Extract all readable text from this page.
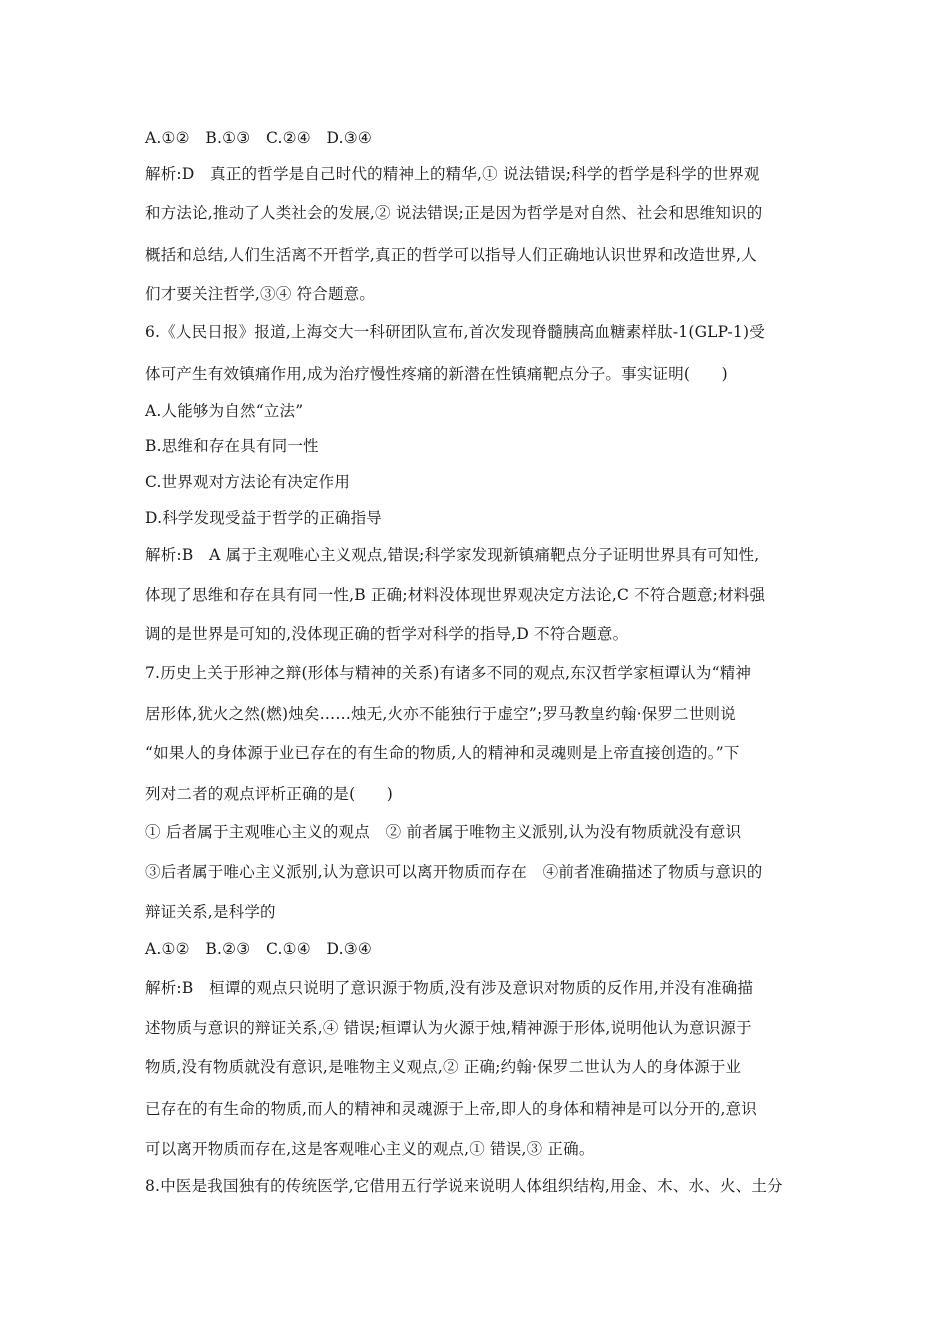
A.①②　B.①③　C.②④　D.③④
解析:D　真正的哲学是自己时代的精神上的精华,① 说法错误;科学的哲学是科学的世界观
和方法论,推动了人类社会的发展,② 说法错误;正是因为哲学是对自然、社会和思维知识的
概括和总结,人们生活离不开哲学,真正的哲学可以指导人们正确地认识世界和改造世界,人
们才要关注哲学,③④ 符合题意。
6.《人民日报》报道,上海交大一科研团队宣布,首次发现脊髓胰高血糖素样肽-1(GLP-1)受
体可产生有效镇痛作用,成为治疗慢性疼痛的新潜在性镇痛靶点分子。事实证明(　　)
A.人能够为自然“立法”
B.思维和存在具有同一性
C.世界观对方法论有决定作用
D.科学发现受益于哲学的正确指导
解析:B　A 属于主观唯心主义观点,错误;科学家发现新镇痛靶点分子证明世界具有可知性,
体现了思维和存在具有同一性,B 正确;材料没体现世界观决定方法论,C 不符合题意;材料强
调的是世界是可知的,没体现正确的哲学对科学的指导,D 不符合题意。
7.历史上关于形神之辩(形体与精神的关系)有诸多不同的观点,东汉哲学家桓谭认为“精神
居形体,犹火之然(燃)烛矣……烛无,火亦不能独行于虚空”;罗马教皇约翰·保罗二世则说
“如果人的身体源于业已存在的有生命的物质,人的精神和灵魂则是上帝直接创造的。”下
列对二者的观点评析正确的是(　　)
① 后者属于主观唯心主义的观点　② 前者属于唯物主义派别,认为没有物质就没有意识
③后者属于唯心主义派别,认为意识可以离开物质而存在　④前者准确描述了物质与意识的
辩证关系,是科学的
A.①②　B.②③　C.①④　D.③④
解析:B　桓谭的观点只说明了意识源于物质,没有涉及意识对物质的反作用,并没有准确描
述物质与意识的辩证关系,④ 错误;桓谭认为火源于烛,精神源于形体,说明他认为意识源于
物质,没有物质就没有意识,是唯物主义观点,② 正确;约翰·保罗二世认为人的身体源于业
已存在的有生命的物质,而人的精神和灵魂源于上帝,即人的身体和精神是可以分开的,意识
可以离开物质而存在,这是客观唯心主义的观点,① 错误,③ 正确。
8.中医是我国独有的传统医学,它借用五行学说来说明人体组织结构,用金、木、水、火、土分
